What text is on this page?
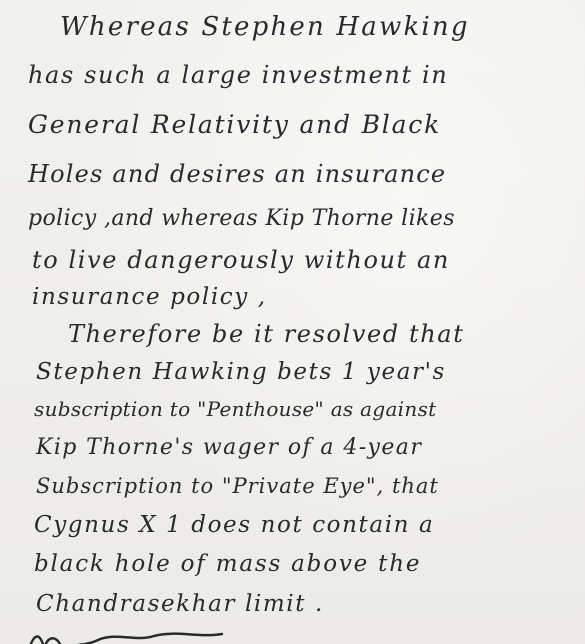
Whereas Stephen Hawking
has such a large investment in
General Relativity and Black
Holes and desires an insurance
policy ,and whereas Kip Thorne likes
to live dangerously without an
insurance policy ,
Therefore be it resolved that
Stephen Hawking bets 1 year's
subscription to "Penthouse" as against
Kip Thorne's wager of a 4-year
Subscription to "Private Eye", that
Cygnus X 1 does not contain a
black hole of mass above the
Chandrasekhar limit .
